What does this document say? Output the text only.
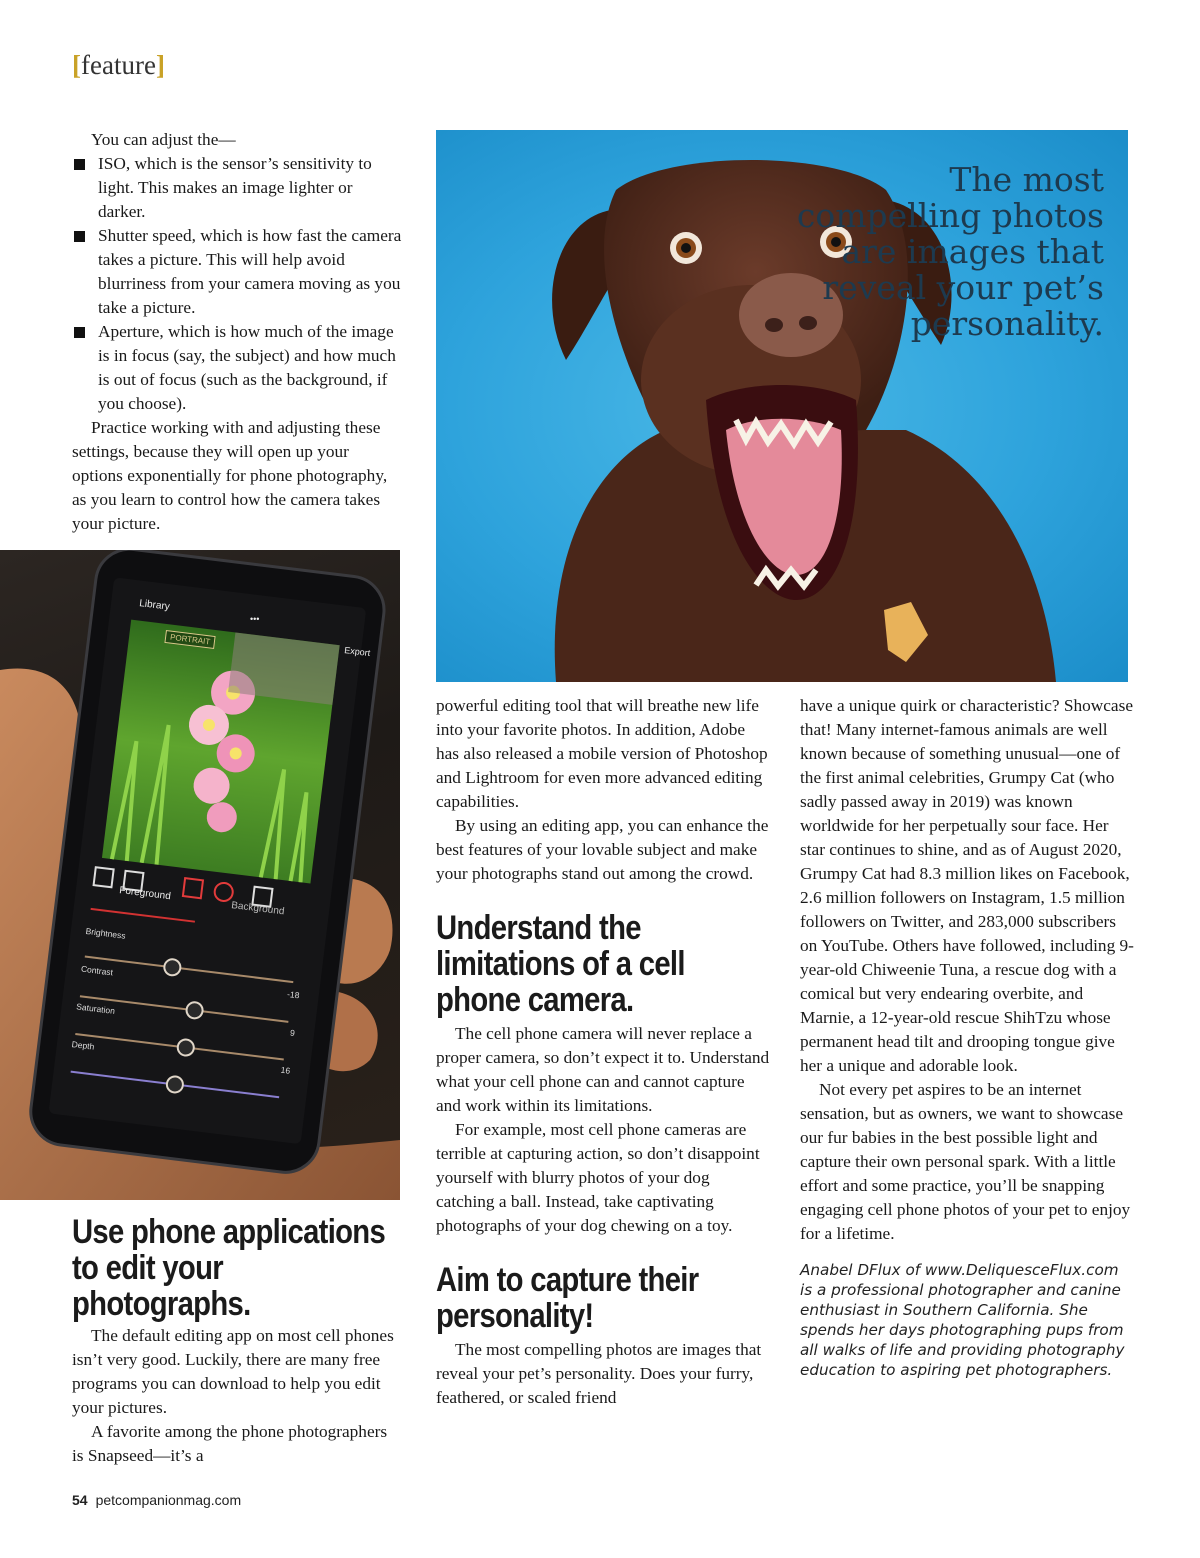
[feature]

You can adjust the—

ISO, which is the sensor’s sensitivity to light. This makes an image lighter or darker.
Shutter speed, which is how fast the camera takes a picture. This will help avoid blurriness from your camera moving as you take a picture.
Aperture, which is how much of the image is in focus (say, the subject) and how much is out of focus (such as the background, if you choose).

Practice working with and adjusting these settings, because they will open up your options exponentially for phone photography, as you learn to control how the camera takes your picture.

Library
•••
Export
PORTRAIT
Foreground
Background
Brightness
Contrast
-18
Saturation
9
Depth
16
The most compelling photos are images that reveal your pet’s personality.
Use phone applications to edit your photographs.

The default editing app on most cell phones isn’t very good. Luckily, there are many free programs you can download to help you edit your pictures.

A favorite among the phone photographers is Snapseed—it’s a

powerful editing tool that will breathe new life into your favorite photos. In addition, Adobe has also released a mobile version of Photoshop and Lightroom for even more advanced editing capabilities.

By using an editing app, you can enhance the best features of your lovable subject and make your photographs stand out among the crowd.

Understand the limitations of a cell phone camera.

The cell phone camera will never replace a proper camera, so don’t expect it to. Understand what your cell phone can and cannot capture and work within its limitations.

For example, most cell phone cameras are terrible at capturing action, so don’t disappoint yourself with blurry photos of your dog catching a ball. Instead, take captivating photographs of your dog chewing on a toy.

Aim to capture their personality!

The most compelling photos are images that reveal your pet’s personality. Does your furry, feathered, or scaled friend

have a unique quirk or characteristic? Showcase that! Many internet-famous animals are well known because of something unusual—one of the first animal celebrities, Grumpy Cat (who sadly passed away in 2019) was known worldwide for her perpetually sour face. Her star continues to shine, and as of August 2020, Grumpy Cat had 8.3 million likes on Facebook, 2.6 million followers on Instagram, 1.5 million followers on Twitter, and 283,000 subscribers on YouTube. Others have followed, including 9-year-old Chiweenie Tuna, a rescue dog with a comical but very endearing overbite, and Marnie, a 12-year-old rescue ShihTzu whose permanent head tilt and drooping tongue give her a unique and adorable look.

Not every pet aspires to be an internet sensation, but as owners, we want to showcase our fur babies in the best possible light and capture their own personal spark. With a little effort and some practice, you’ll be snapping engaging cell phone photos of your pet to enjoy for a lifetime.

Anabel DFlux of www.DeliquesceFlux.com is a professional photographer and canine enthusiast in Southern California. She spends her days photographing pups from all walks of life and providing photography education to aspiring pet photographers.

54 petcompanionmag.com
